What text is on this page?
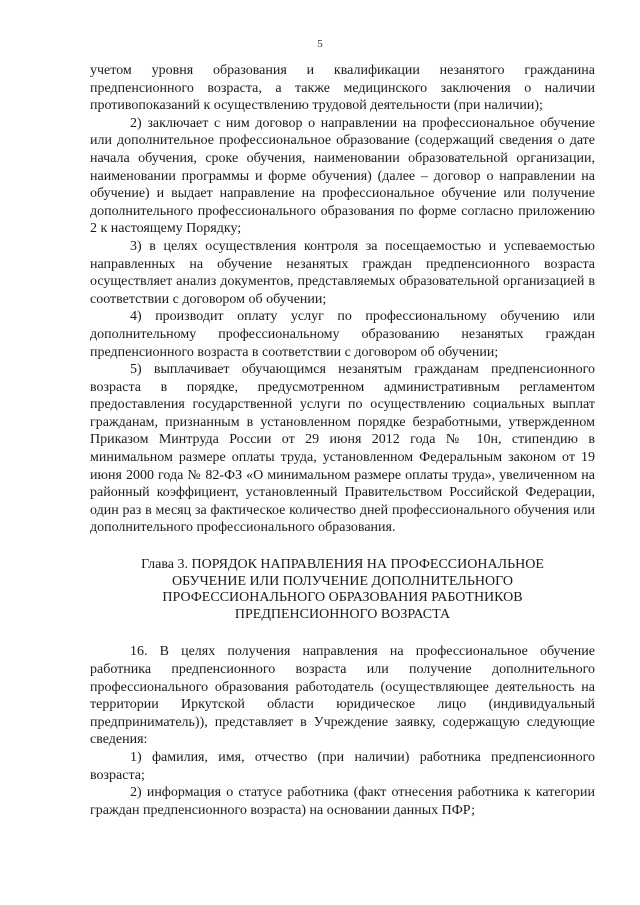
5

учетом уровня образования и квалификации незанятого гражданина предпенсионного возраста, а также медицинского заключения о наличии противопоказаний к осуществлению трудовой деятельности (при наличии);

2) заключает с ним договор о направлении на профессиональное обучение или дополнительное профессиональное образование (содержащий сведения о дате начала обучения, сроке обучения, наименовании образовательной организации, наименовании программы и форме обучения) (далее – договор о направлении на обучение) и выдает направление на профессиональное обучение или получение дополнительного профессионального образования по форме согласно приложению 2 к настоящему Порядку;

3) в целях осуществления контроля за посещаемостью и успеваемостью направленных на обучение незанятых граждан предпенсионного возраста осуществляет анализ документов, представляемых образовательной организацией в соответствии с договором об обучении;

4) производит оплату услуг по профессиональному обучению или дополнительному профессиональному образованию незанятых граждан предпенсионного возраста в соответствии с договором об обучении;

5) выплачивает обучающимся незанятым гражданам предпенсионного возраста в порядке, предусмотренном административным регламентом предоставления государственной услуги по осуществлению социальных выплат гражданам, признанным в установленном порядке безработными, утвержденном Приказом Минтруда России от 29 июня 2012 года № 10н, стипендию в минимальном размере оплаты труда, установленном Федеральным законом от 19 июня 2000 года № 82-ФЗ «О минимальном размере оплаты труда», увеличенном на районный коэффициент, установленный Правительством Российской Федерации, один раз в месяц за фактическое количество дней профессионального обучения или дополнительного профессионального образования.

Глава 3. ПОРЯДОК НАПРАВЛЕНИЯ НА ПРОФЕССИОНАЛЬНОЕ
ОБУЧЕНИЕ ИЛИ ПОЛУЧЕНИЕ ДОПОЛНИТЕЛЬНОГО
ПРОФЕССИОНАЛЬНОГО ОБРАЗОВАНИЯ РАБОТНИКОВ
ПРЕДПЕНСИОННОГО ВОЗРАСТА

16. В целях получения направления на профессиональное обучение работника предпенсионного возраста или получение дополнительного профессионального образования работодатель (осуществляющее деятельность на территории Иркутской области юридическое лицо (индивидуальный предприниматель)), представляет в Учреждение заявку, содержащую следующие сведения:

1) фамилия, имя, отчество (при наличии) работника предпенсионного возраста;

2) информация о статусе работника (факт отнесения работника к категории граждан предпенсионного возраста) на основании данных ПФР;
